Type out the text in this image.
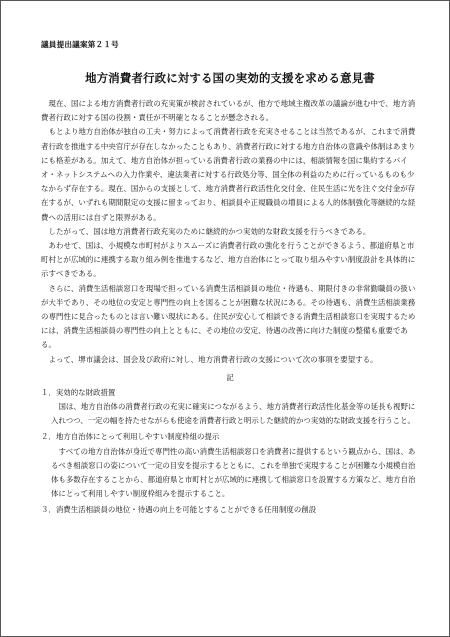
議員提出議案第２１号

地方消費者行政に対する国の実効的支援を求める意見書

現在、国による地方消費者行政の充実策が検討されているが、他方で地域主権改革の議論が進む中で、地方消費者行政に対する国の役割・責任が不明確となることが懸念される。

もとより地方自治体が独自の工夫・努力によって消費者行政を充実させることは当然であるが、これまで消費者行政を推進する中央官庁が存在しなかったこともあり、消費者行政に対する地方自治体の意識や体制はあまりにも格差がある。加えて、地方自治体が担っている消費者行政の業務の中には、相談情報を国に集約するパイオ・ネットシステムへの入力作業や、違法業者に対する行政処分等、国全体の利益のために行っているものも少なからず存在する。現在、国からの支援として、地方消費者行政活性化交付金、住民生活に光を注ぐ交付金が存在するが、いずれも期間限定の支援に留まっており、相談員や正規職員の増員による人的体制強化等継続的な経費への活用には自ずと限界がある。

したがって、国は地方消費者行政充実のために継続的かつ実効的な財政支援を行うべきである。

あわせて、国は、小規模な市町村がよりスムーズに消費者行政の強化を行うことができるよう、都道府県と市町村とが広域的に連携する取り組み例を推進するなど、地方自治体にとって取り組みやすい制度設計を具体的に示すべきである。

さらに、消費生活相談窓口を現場で担っている消費生活相談員の地位・待遇も、期限付きの非常勤職員の扱いが大半であり、その地位の安定と専門性の向上を図ることが困難な状況にある。その待遇も、消費生活相談業務の専門性に見合ったものとは言い難い現状にある。住民が安心して相談できる消費生活相談窓口を実現するためには、消費生活相談員の専門性の向上とともに、その地位の安定、待遇の改善に向けた制度の整備も重要である。

よって、堺市議会は、国会及び政府に対し、地方消費者行政の支援について次の事項を要望する。

記

１．実効的な財政措置

国は、地方自治体の消費者行政の充実に確実につながるよう、地方消費者行政活性化基金等の延長も視野に入れつつ、一定の幅を持たせながらも使途を消費者行政と明示した継続的かつ実効的な財政支援を行うこと。

２．地方自治体にとって利用しやすい制度枠組の提示

すべての地方自治体が身近で専門性の高い消費生活相談窓口を消費者に提供するという観点から、国は、あるべき相談窓口の姿について一定の目安を提示するとともに、これを単独で実現することが困難な小規模自治体も多数存在することから、都道府県と市町村とが広域的に連携して相談窓口を設置する方策など、地方自治体にとって利用しやすい制度枠組みを提示すること。

３．消費生活相談員の地位・待遇の向上を可能とすることができる任用制度の創設
